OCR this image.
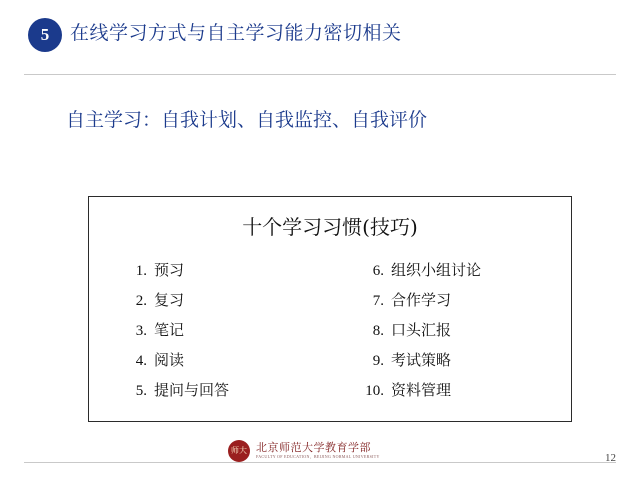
5	在线学习方式与自主学习能力密切相关
自主学习：自我计划、自我监控、自我评价
十个学习习惯(技巧)
1. 预习
2. 复习
3. 笔记
4. 阅读
5. 提问与回答
6. 组织小组讨论
7. 合作学习
8. 口头汇报
9. 考试策略
10. 资料管理
师大 北京师范大学教育学部
FACULTY OF EDUCATION，BEIJING NORMAL UNIVERSITY	12
